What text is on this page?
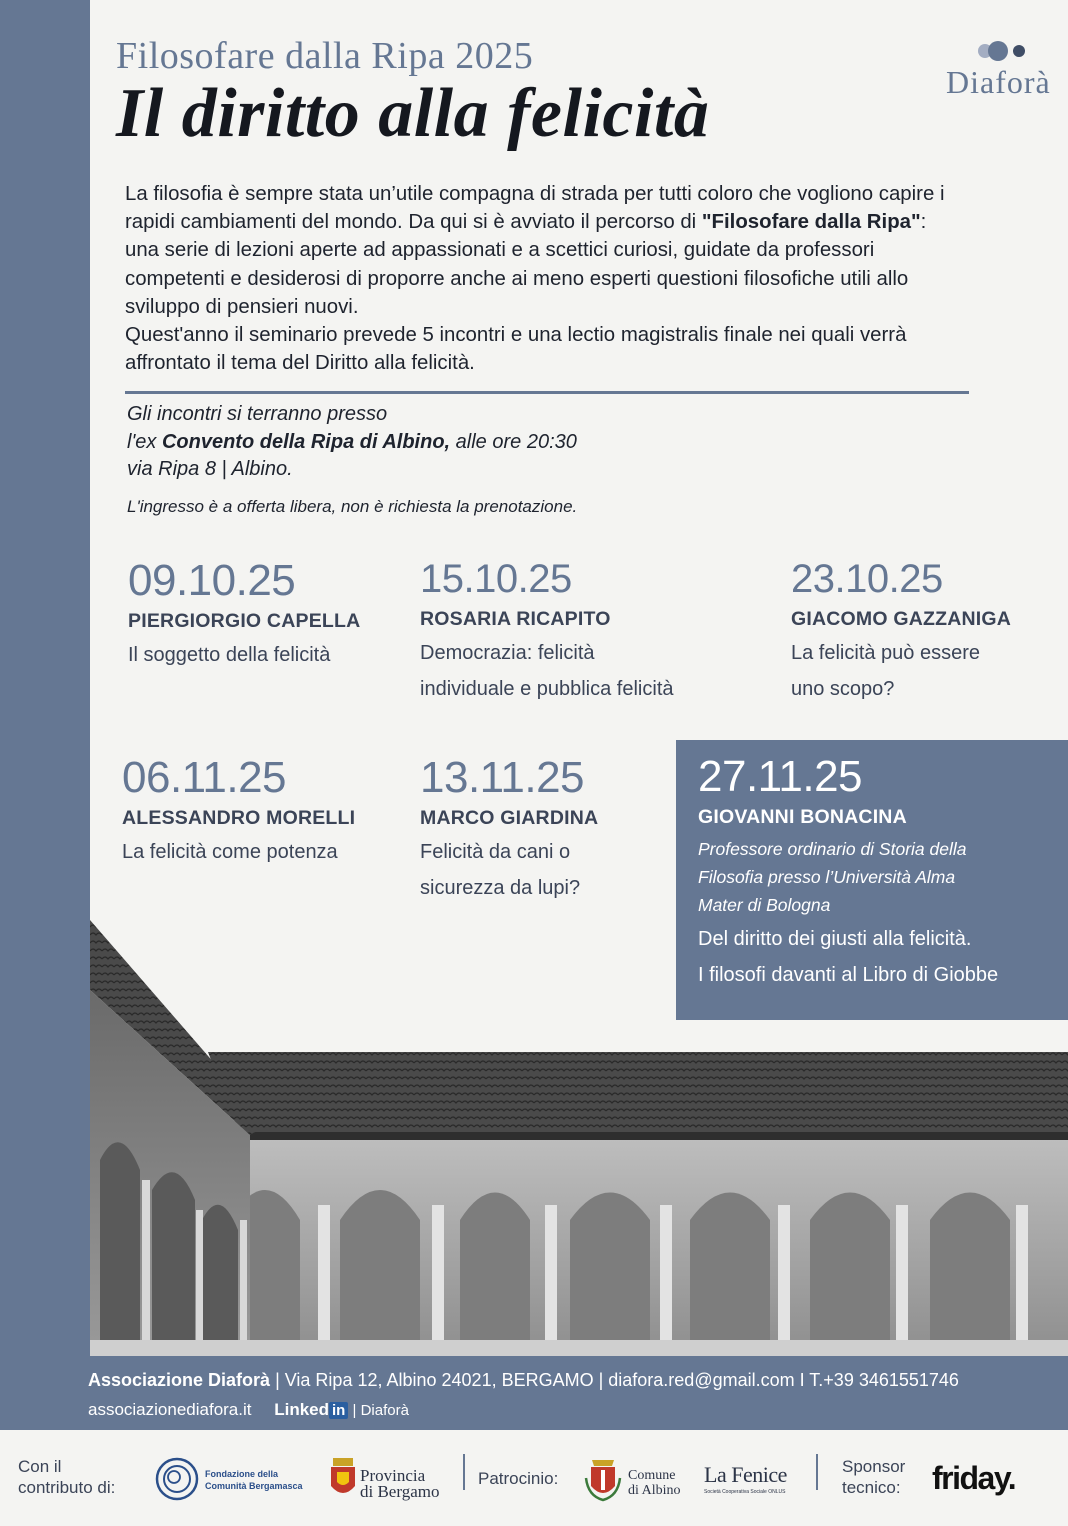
Filosofare dalla Ripa 2025
Il diritto alla felicità	Diaforà

La filosofia è sempre stata un’utile compagna di strada per tutti coloro che vogliono capire i rapidi cambiamenti del mondo. Da qui si è avviato il percorso di "Filosofare dalla Ripa": una serie di lezioni aperte ad appassionati e a scettici curiosi, guidate da professori competenti e desiderosi di proporre anche ai meno esperti questioni filosofiche utili allo sviluppo di pensieri nuovi.
Quest'anno il seminario prevede 5 incontri e una lectio magistralis finale nei quali verrà affrontato il tema del Diritto alla felicità.

Gli incontri si terranno presso
l'ex Convento della Ripa di Albino, alle ore 20:30
via Ripa 8 | Albino.
L'ingresso è a offerta libera, non è richiesta la prenotazione.
09.10.25
PIERGIORGIO CAPELLA
Il soggetto della felicità
15.10.25
ROSARIA RICAPITO
Democrazia: felicità
individuale e pubblica felicità
23.10.25
GIACOMO GAZZANIGA
La felicità può essere
uno scopo?
06.11.25
ALESSANDRO MORELLI
La felicità come potenza
13.11.25
MARCO GIARDINA
Felicità da cani o
sicurezza da lupi?
27.11.25
GIOVANNI BONACINA
Professore ordinario di Storia della
Filosofia presso l’Università Alma
Mater di Bologna
Del diritto dei giusti alla felicità.
I filosofi davanti al Libro di Giobbe
Associazione Diaforà | Via Ripa 12, Albino 24021, BERGAMO | diafora.red@gmail.com I T.+39 3461551746
associazionediafora.it Linked in | Diaforà
Con il
contributo di:
Fondazione della
Comunità Bergamasca
Provincia
di Bergamo
Patrocinio:	Comune
di Albino
La Fenice
Società Cooperativa Sociale ONLUS
Sponsor
tecnico: friday.
